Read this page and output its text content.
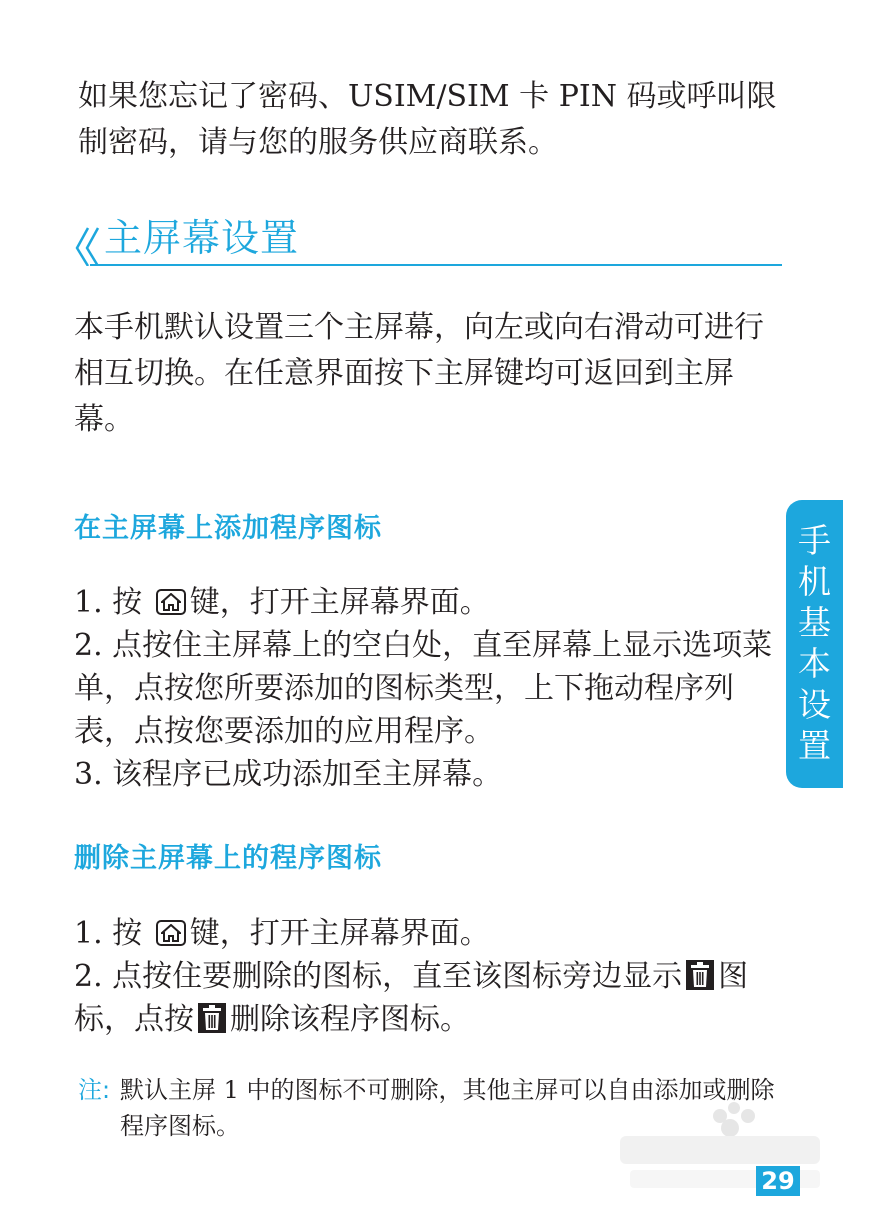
如果您忘记了密码、USIM/SIM 卡 PIN 码或呼叫限制密码，请与您的服务供应商联系。

主屏幕设置

本手机默认设置三个主屏幕，向左或向右滑动可进行相互切换。在任意界面按下主屏键均可返回到主屏幕。

在主屏幕上添加程序图标

1. 按 键，打开主屏幕界面。

2. 点按住主屏幕上的空白处，直至屏幕上显示选项菜单，点按您所要添加的图标类型，上下拖动程序列表，点按您要添加的应用程序。

3. 该程序已成功添加至主屏幕。

删除主屏幕上的程序图标

1. 按 键，打开主屏幕界面。

2. 点按住要删除的图标，直至该图标旁边显示 图标，点按 删除该程序图标。

手机基本设置
注: 默认主屏 1 中的图标不可删除，其他主屏可以自由添加或删除程序图标。

29
